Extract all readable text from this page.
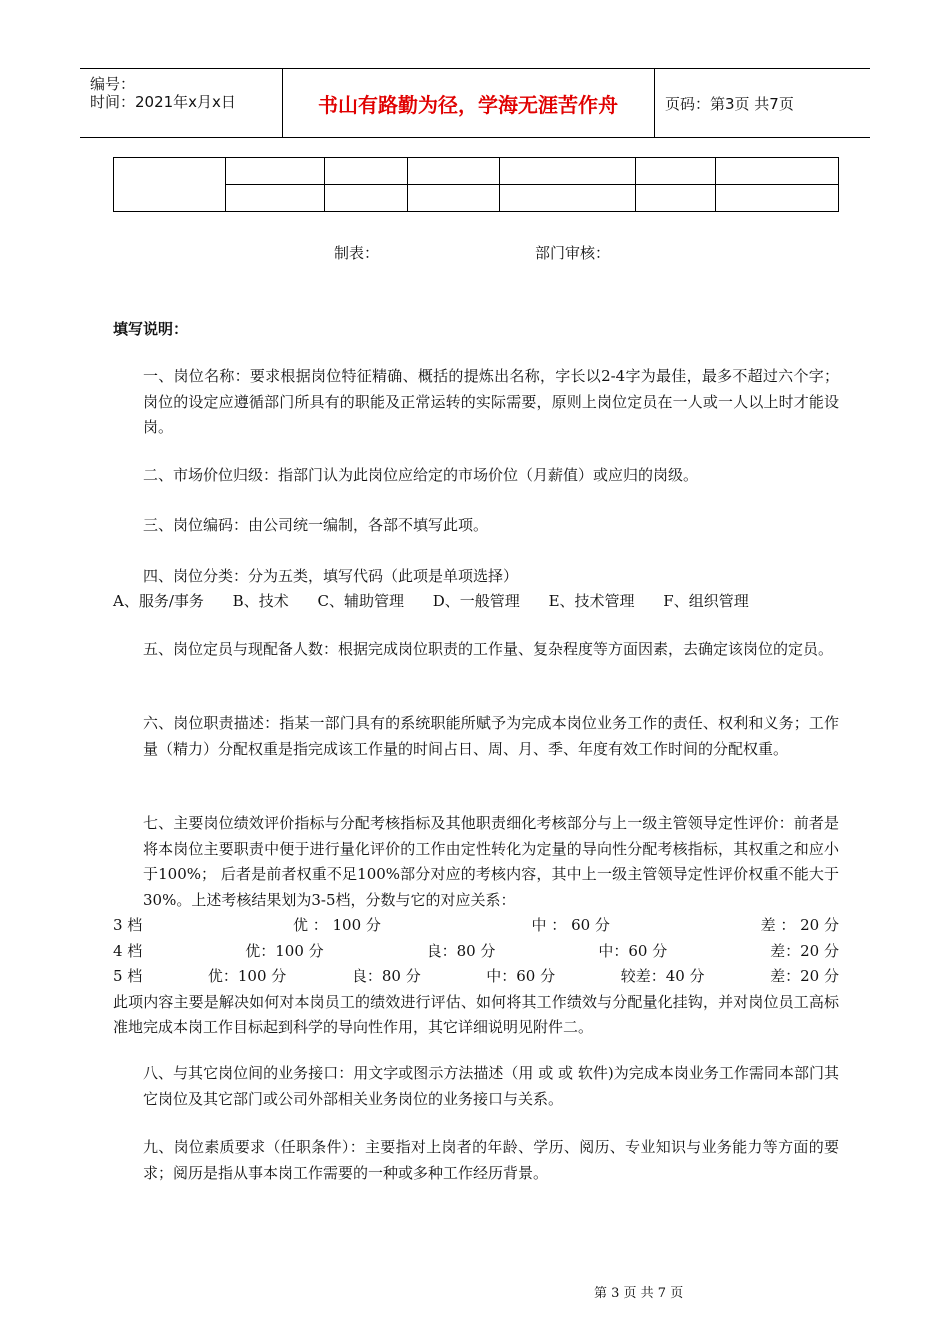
编号：
时间：2021年x月x日	书山有路勤为径，学海无涯苦作舟	页码：第3页 共7页

制表：	部门审核：
填写说明：
一、岗位名称：要求根据岗位特征精确、概括的提炼出名称，字长以2-4字为最佳，最多不超过六个字；岗位的设定应遵循部门所具有的职能及正常运转的实际需要，原则上岗位定员在一人或一人以上时才能设岗。
二、市场价位归级：指部门认为此岗位应给定的市场价位（月薪值）或应归的岗级。
三、岗位编码：由公司统一编制，各部不填写此项。
四、岗位分类：分为五类，填写代码（此项是单项选择）
A、服务/事务 B、技术 C、辅助管理 D、一般管理 E、技术管理 F、组织管理
五、岗位定员与现配备人数：根据完成岗位职责的工作量、复杂程度等方面因素，去确定该岗位的定员。
六、岗位职责描述：指某一部门具有的系统职能所赋予为完成本岗位业务工作的责任、权利和义务；工作量（精力）分配权重是指完成该工作量的时间占日、周、月、季、年度有效工作时间的分配权重。
七、主要岗位绩效评价指标与分配考核指标及其他职责细化考核部分与上一级主管领导定性评价：前者是将本岗位主要职责中便于进行量化评价的工作由定性转化为定量的导向性分配考核指标，其权重之和应小于100%； 后者是前者权重不足100%部分对应的考核内容，其中上一级主管领导定性评价权重不能大于30%。上述考核结果划为3-5档，分数与它的对应关系：
3 档	优 ： 100 分	中 ： 60 分	差 ： 20 分
4 档	优：100 分	良：80 分	中：60 分	差：20 分
5 档	优：100 分	良：80 分	中：60 分	较差：40 分	差：20 分
此项内容主要是解决如何对本岗员工的绩效进行评估、如何将其工作绩效与分配量化挂钩，并对岗位员工高标准地完成本岗工作目标起到科学的导向性作用，其它详细说明见附件二。
八、与其它岗位间的业务接口：用文字或图示方法描述（用 或 或 软件)为完成本岗业务工作需同本部门其它岗位及其它部门或公司外部相关业务岗位的业务接口与关系。
九、岗位素质要求（任职条件）：主要指对上岗者的年龄、学历、阅历、专业知识与业务能力等方面的要求；阅历是指从事本岗工作需要的一种或多种工作经历背景。
第 3 页 共 7 页
